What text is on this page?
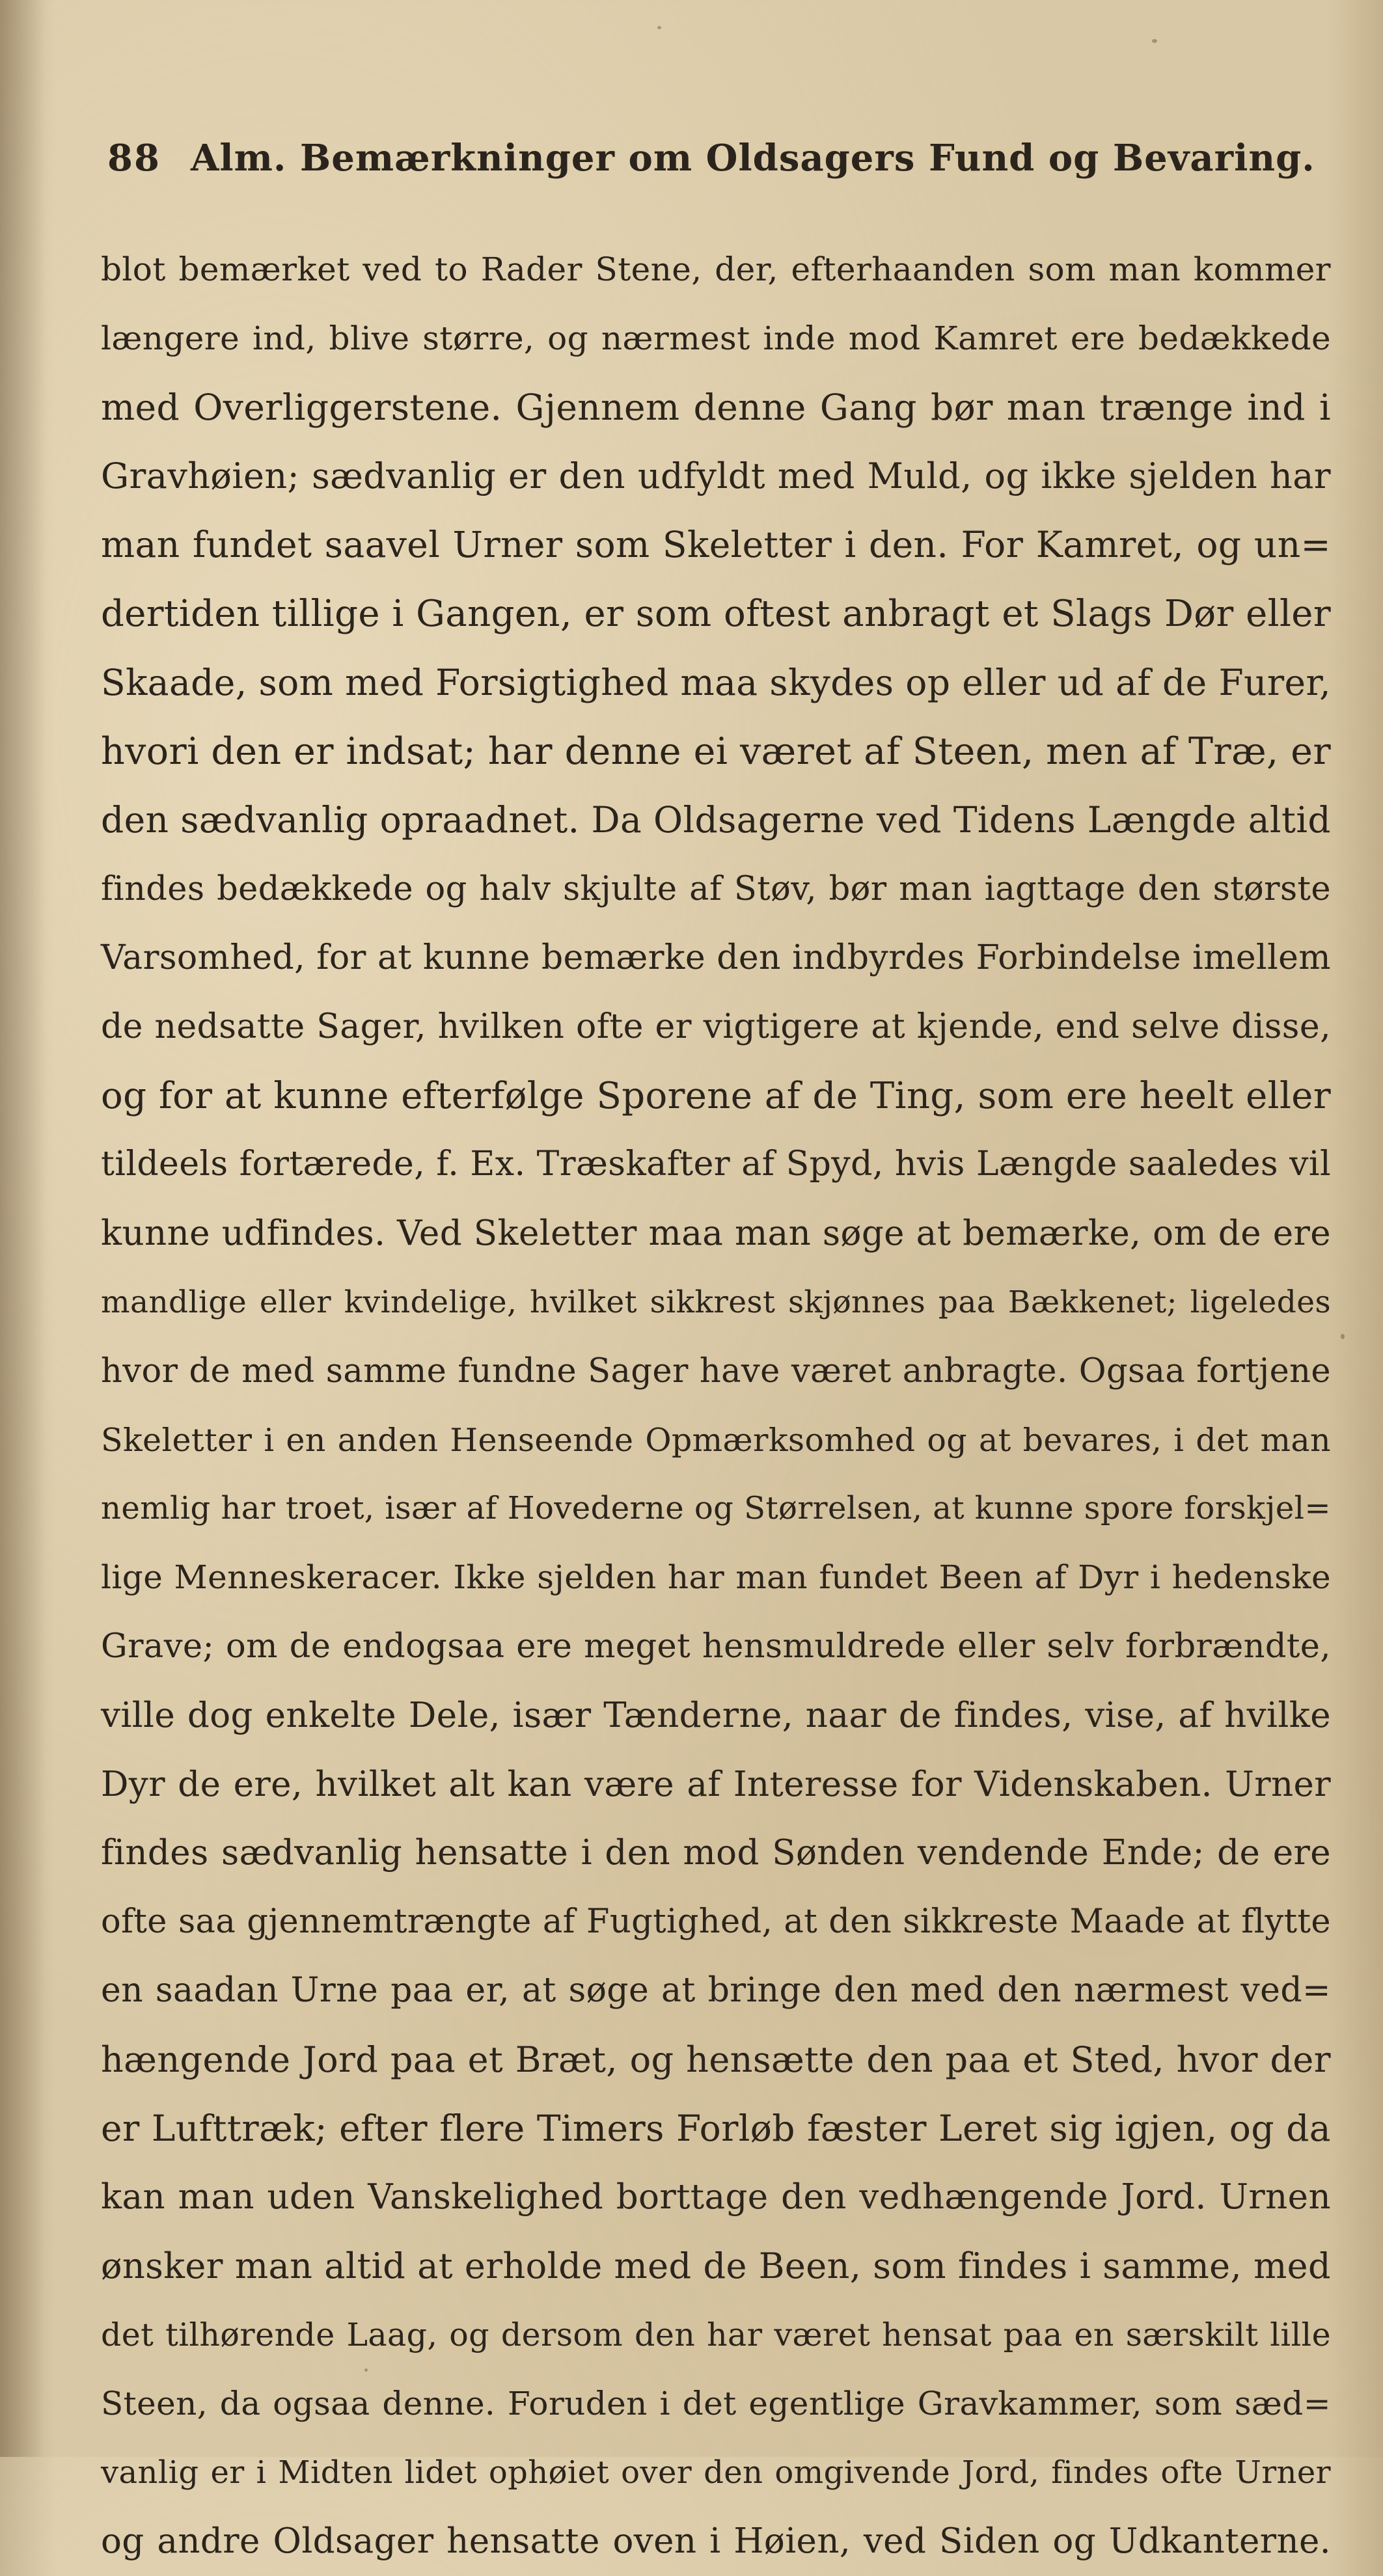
88 Alm. Bemærkninger om Oldsagers Fund og Bevaring.
blot bemærket ved to Rader Stene, der, efterhaanden som man kommer
længere ind, blive større, og nærmest inde mod Kamret ere bedækkede
med Overliggerstene. Gjennem denne Gang bør man trænge ind i
Gravhøien; sædvanlig er den udfyldt med Muld, og ikke sjelden har
man fundet saavel Urner som Skeletter i den. For Kamret, og un=
dertiden tillige i Gangen, er som oftest anbragt et Slags Dør eller
Skaade, som med Forsigtighed maa skydes op eller ud af de Furer,
hvori den er indsat; har denne ei været af Steen, men af Træ, er
den sædvanlig opraadnet. Da Oldsagerne ved Tidens Længde altid
findes bedækkede og halv skjulte af Støv, bør man iagttage den største
Varsomhed, for at kunne bemærke den indbyrdes Forbindelse imellem
de nedsatte Sager, hvilken ofte er vigtigere at kjende, end selve disse,
og for at kunne efterfølge Sporene af de Ting, som ere heelt eller
tildeels fortærede, f. Ex. Træskafter af Spyd, hvis Længde saaledes vil
kunne udfindes. Ved Skeletter maa man søge at bemærke, om de ere
mandlige eller kvindelige, hvilket sikkrest skjønnes paa Bækkenet; ligeledes
hvor de med samme fundne Sager have været anbragte. Ogsaa fortjene
Skeletter i en anden Henseende Opmærksomhed og at bevares, i det man
nemlig har troet, især af Hovederne og Størrelsen, at kunne spore forskjel=
lige Menneskeracer. Ikke sjelden har man fundet Been af Dyr i hedenske
Grave; om de endogsaa ere meget hensmuldrede eller selv forbrændte,
ville dog enkelte Dele, især Tænderne, naar de findes, vise, af hvilke
Dyr de ere, hvilket alt kan være af Interesse for Videnskaben. Urner
findes sædvanlig hensatte i den mod Sønden vendende Ende; de ere
ofte saa gjennemtrængte af Fugtighed, at den sikkreste Maade at flytte
en saadan Urne paa er, at søge at bringe den med den nærmest ved=
hængende Jord paa et Bræt, og hensætte den paa et Sted, hvor der
er Lufttræk; efter flere Timers Forløb fæster Leret sig igjen, og da
kan man uden Vanskelighed borttage den vedhængende Jord. Urnen
ønsker man altid at erholde med de Been, som findes i samme, med
det tilhørende Laag, og dersom den har været hensat paa en særskilt lille
Steen, da ogsaa denne. Foruden i det egentlige Gravkammer, som sæd=
vanlig er i Midten lidet ophøiet over den omgivende Jord, findes ofte Urner
og andre Oldsager hensatte oven i Høien, ved Siden og Udkanterne.
